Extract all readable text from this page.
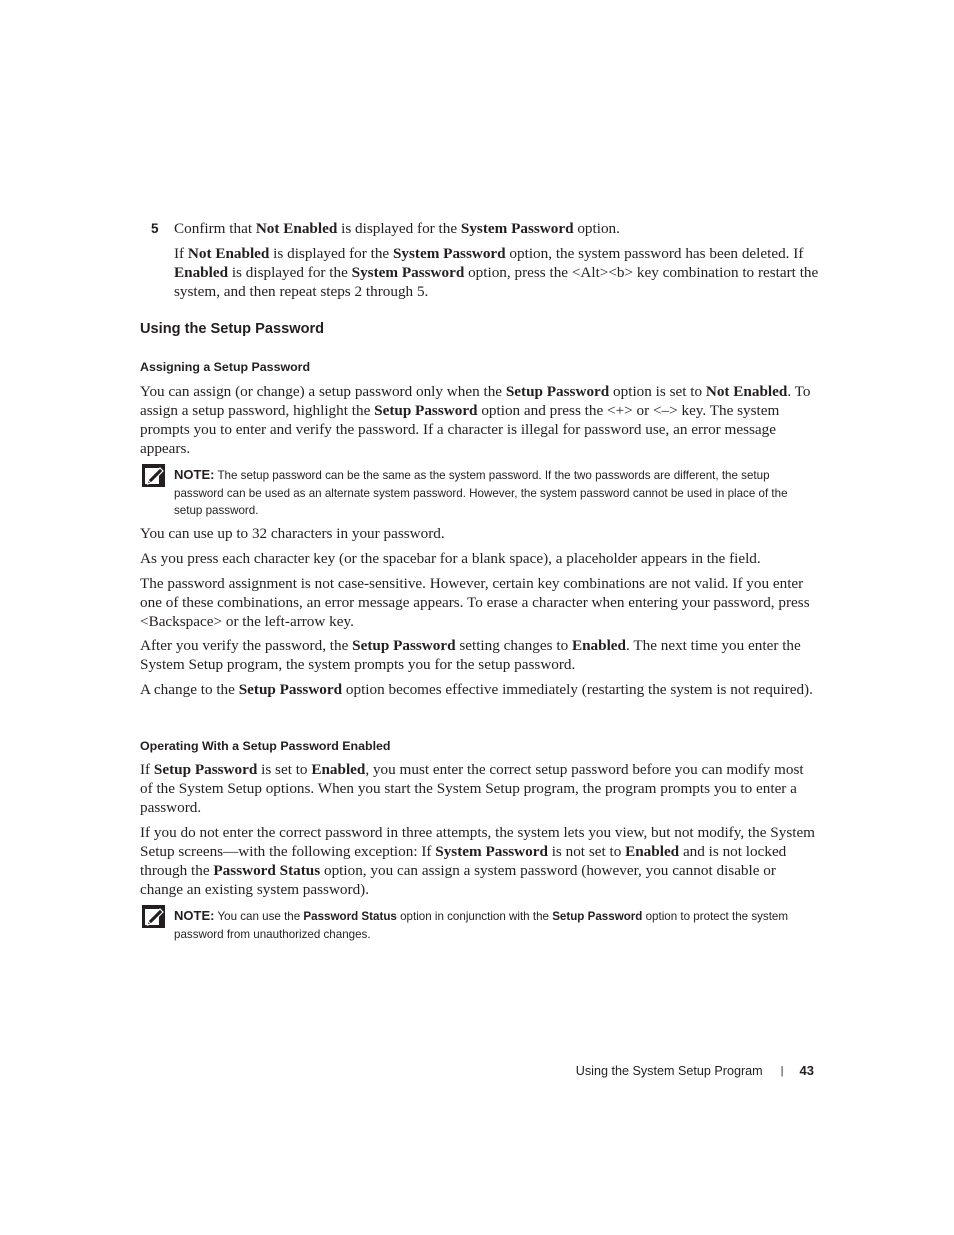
5 Confirm that Not Enabled is displayed for the System Password option.

If Not Enabled is displayed for the System Password option, the system password has been deleted. If Enabled is displayed for the System Password option, press the <Alt><b> key combination to restart the system, and then repeat steps 2 through 5.

Using the Setup Password
Assigning a Setup Password

You can assign (or change) a setup password only when the Setup Password option is set to Not Enabled. To assign a setup password, highlight the Setup Password option and press the <+> or <–> key. The system prompts you to enter and verify the password. If a character is illegal for password use, an error message appears.

NOTE: The setup password can be the same as the system password. If the two passwords are different, the setup password can be used as an alternate system password. However, the system password cannot be used in place of the setup password.

You can use up to 32 characters in your password.

As you press each character key (or the spacebar for a blank space), a placeholder appears in the field.

The password assignment is not case-sensitive. However, certain key combinations are not valid. If you enter one of these combinations, an error message appears. To erase a character when entering your password, press <Backspace> or the left-arrow key.

After you verify the password, the Setup Password setting changes to Enabled. The next time you enter the System Setup program, the system prompts you for the setup password.

A change to the Setup Password option becomes effective immediately (restarting the system is not required).

Operating With a Setup Password Enabled

If Setup Password is set to Enabled, you must enter the correct setup password before you can modify most of the System Setup options. When you start the System Setup program, the program prompts you to enter a password.

If you do not enter the correct password in three attempts, the system lets you view, but not modify, the System Setup screens—with the following exception: If System Password is not set to Enabled and is not locked through the Password Status option, you can assign a system password (however, you cannot disable or change an existing system password).

NOTE: You can use the Password Status option in conjunction with the Setup Password option to protect the system password from unauthorized changes.

Using the System Setup Program | 43
